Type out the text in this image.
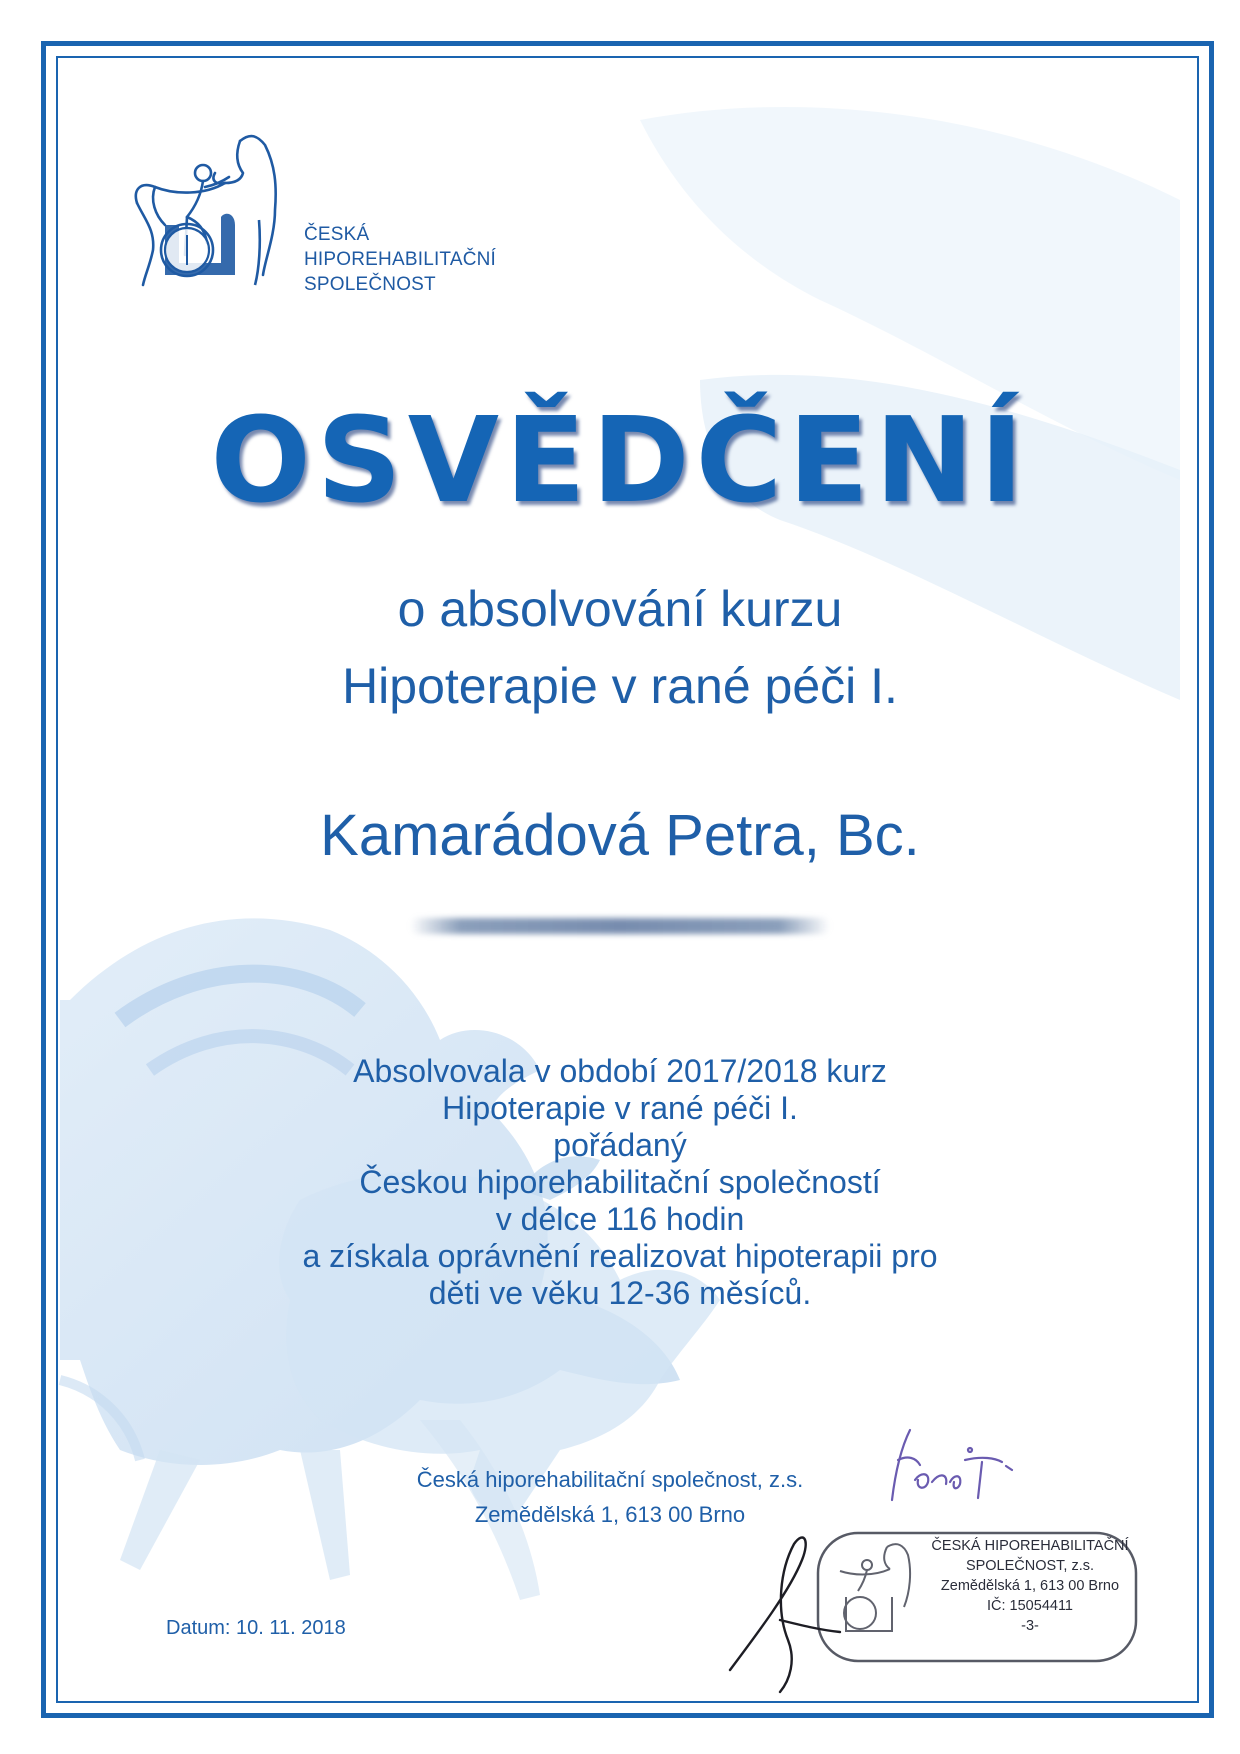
ČESKÁ
HIPOREHABILITAČNÍ
SPOLEČNOST
OSVĚDČENÍ
o absolvování kurzu
Hipoterapie v rané péči I.
Kamarádová Petra, Bc.
Absolvovala v období 2017/2018 kurz
Hipoterapie v rané péči I.
pořádaný
Českou hiporehabilitační společností
v délce 116 hodin
a získala oprávnění realizovat hipoterapii pro
děti ve věku 12-36 měsíců.
Česká hiporehabilitační společnost, z.s.
Zemědělská 1, 613 00 Brno
Datum: 10. 11. 2018
ČESKÁ HIPOREHABILITAČNÍ
SPOLEČNOST, z.s.
Zemědělská 1, 613 00 Brno
IČ: 15054411
-3-
